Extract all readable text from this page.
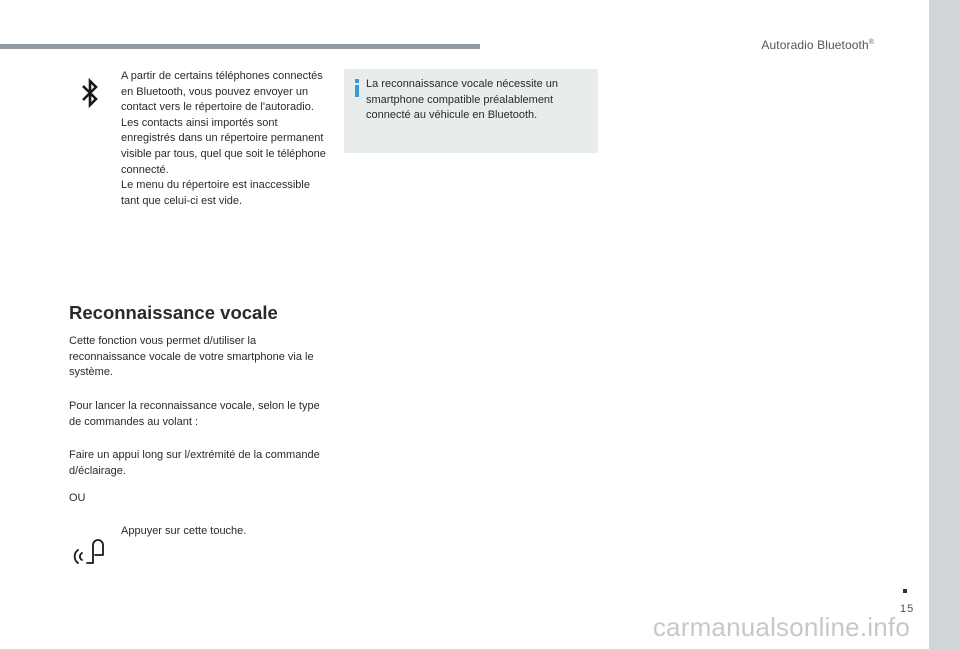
Autoradio Bluetooth®
15

A partir de certains téléphones connectés en Bluetooth, vous pouvez envoyer un contact vers le répertoire de l'autoradio.

Les contacts ainsi importés sont enregistrés dans un répertoire permanent visible par tous, quel que soit le téléphone connecté.

Le menu du répertoire est inaccessible tant que celui-ci est vide.

La reconnaissance vocale nécessite un smartphone compatible préalablement connecté au véhicule en Bluetooth.
Reconnaissance vocale

Cette fonction vous permet d/utiliser la reconnaissance vocale de votre smartphone via le système.

Pour lancer la reconnaissance vocale, selon le type de commandes au volant :

Faire un appui long sur l/extrémité de la commande d/éclairage.

OU

Appuyer sur cette touche.

carmanualsonline.info
